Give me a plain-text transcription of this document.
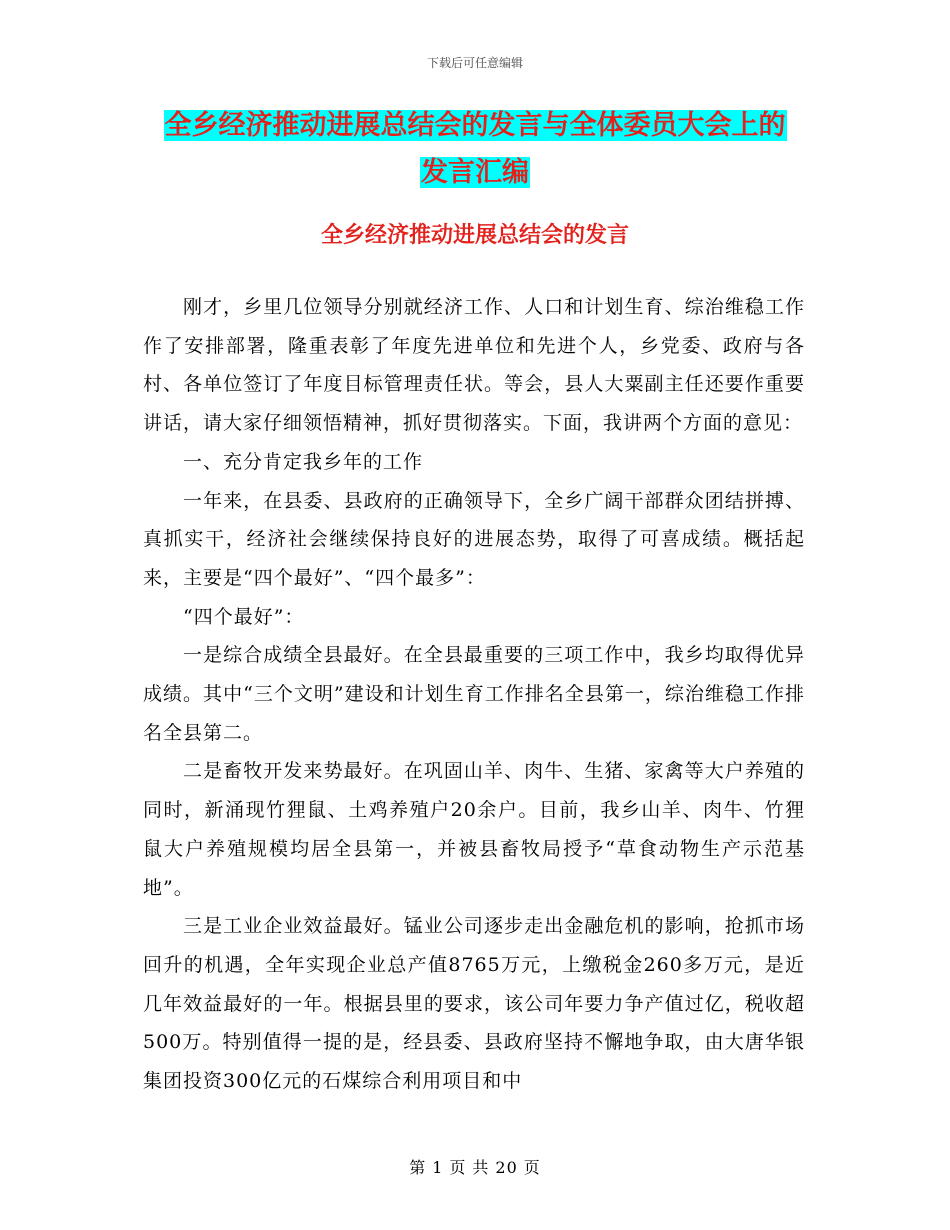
下载后可任意编辑
全乡经济推动进展总结会的发言与全体委员大会上的
发言汇编
全乡经济推动进展总结会的发言

刚才，乡里几位领导分别就经济工作、人口和计划生育、综治维稳工作作了安排部署，隆重表彰了年度先进单位和先进个人，乡党委、政府与各村、各单位签订了年度目标管理责任状。等会，县人大粟副主任还要作重要讲话，请大家仔细领悟精神，抓好贯彻落实。下面，我讲两个方面的意见：

一、充分肯定我乡年的工作

一年来，在县委、县政府的正确领导下，全乡广阔干部群众团结拼搏、真抓实干，经济社会继续保持良好的进展态势，取得了可喜成绩。概括起来，主要是“四个最好”、“四个最多”：

“四个最好”：

一是综合成绩全县最好。在全县最重要的三项工作中，我乡均取得优异成绩。其中“三个文明”建设和计划生育工作排名全县第一，综治维稳工作排名全县第二。

二是畜牧开发来势最好。在巩固山羊、肉牛、生猪、家禽等大户养殖的同时，新涌现竹狸鼠、土鸡养殖户20余户。目前，我乡山羊、肉牛、竹狸鼠大户养殖规模均居全县第一，并被县畜牧局授予“草食动物生产示范基地”。

三是工业企业效益最好。锰业公司逐步走出金融危机的影响，抢抓市场回升的机遇，全年实现企业总产值8765万元，上缴税金260多万元，是近几年效益最好的一年。根据县里的要求，该公司年要力争产值过亿，税收超500万。特别值得一提的是，经县委、县政府坚持不懈地争取，由大唐华银集团投资300亿元的石煤综合利用项目和中

第 1 页 共 20 页
